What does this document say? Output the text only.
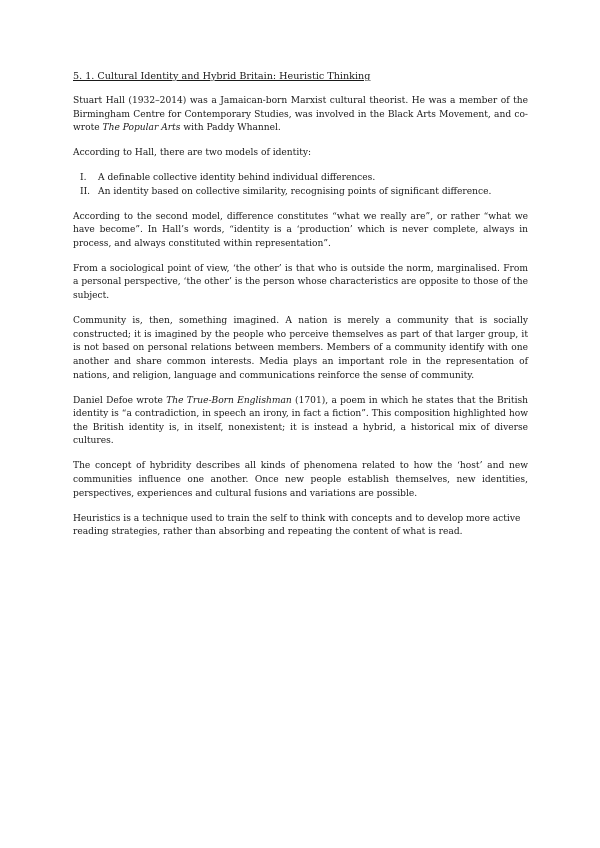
5. 1. Cultural Identity and Hybrid Britain: Heuristic Thinking

Stuart Hall (1932–2014) was a Jamaican-born Marxist cultural theorist. He was a member of the Birmingham Centre for Contemporary Studies, was involved in the Black Arts Movement, and co-wrote The Popular Arts with Paddy Whannel.

According to Hall, there are two models of identity:

I.	A definable collective identity behind individual differences.
II. An identity based on collective similarity, recognising points of significant difference.

According to the second model, difference constitutes “what we really are”, or rather “what we have become”. In Hall’s words, “identity is a ‘production’ which is never complete, always in process, and always constituted within representation”.

From a sociological point of view, ‘the other’ is that who is outside the norm, marginalised. From a personal perspective, ‘the other’ is the person whose characteristics are opposite to those of the subject.

Community is, then, something imagined. A nation is merely a community that is socially constructed; it is imagined by the people who perceive themselves as part of that larger group, it is not based on personal relations between members. Members of a community identify with one another and share common interests. Media plays an important role in the representation of nations, and religion, language and communications reinforce the sense of community.

Daniel Defoe wrote The True-Born Englishman (1701), a poem in which he states that the British identity is “a contradiction, in speech an irony, in fact a fiction”. This composition highlighted how the British identity is, in itself, nonexistent; it is instead a hybrid, a historical mix of diverse cultures.

The concept of hybridity describes all kinds of phenomena related to how the ‘host’ and new communities influence one another. Once new people establish themselves, new identities, perspectives, experiences and cultural fusions and variations are possible.

Heuristics is a technique used to train the self to think with concepts and to develop more active reading strategies, rather than absorbing and repeating the content of what is read.
